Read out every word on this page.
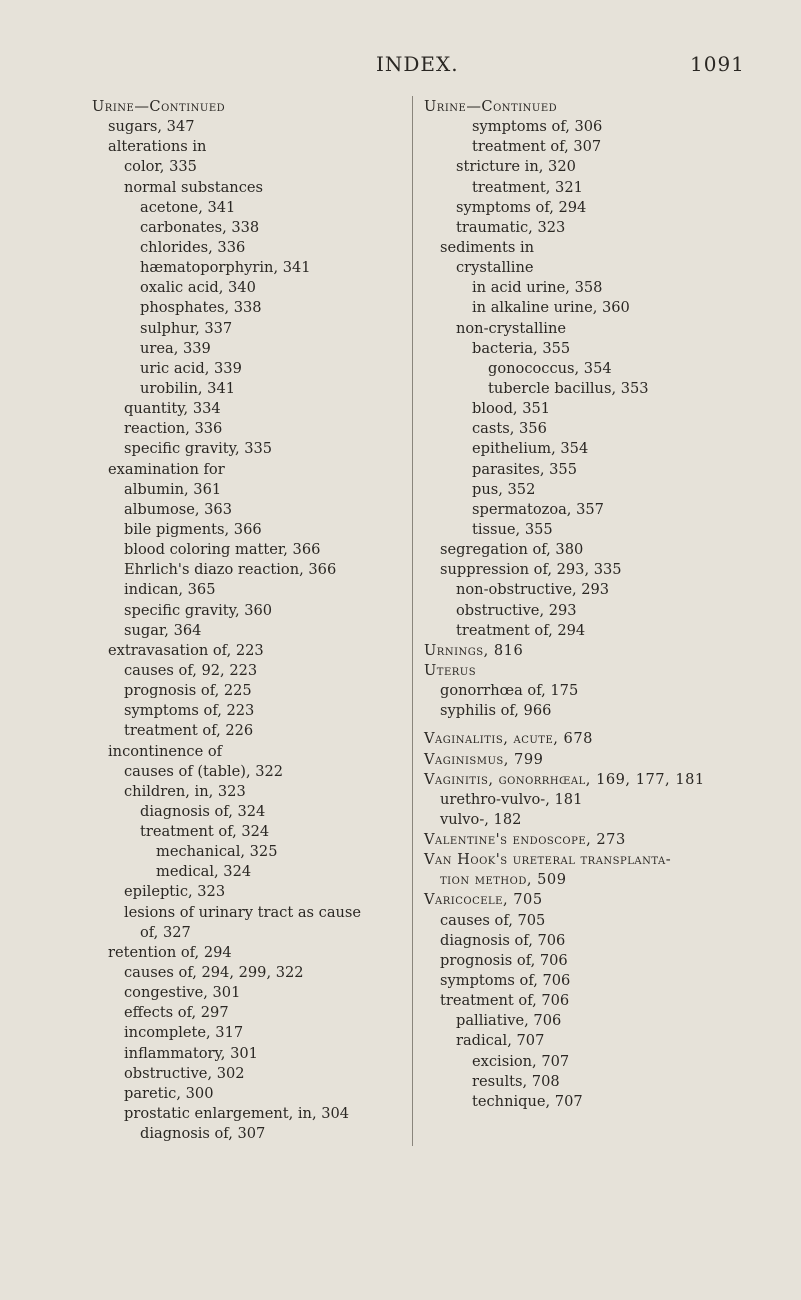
INDEX.	1091
Urine—Continued
sugars, 347
alterations in
color, 335
normal substances
acetone, 341
carbonates, 338
chlorides, 336
hæmatoporphyrin, 341
oxalic acid, 340
phosphates, 338
sulphur, 337
urea, 339
uric acid, 339
urobilin, 341
quantity, 334
reaction, 336
specific gravity, 335
examination for
albumin, 361
albumose, 363
bile pigments, 366
blood coloring matter, 366
Ehrlich's diazo reaction, 366
indican, 365
specific gravity, 360
sugar, 364
extravasation of, 223
causes of, 92, 223
prognosis of, 225
symptoms of, 223
treatment of, 226
incontinence of
causes of (table), 322
children, in, 323
diagnosis of, 324
treatment of, 324
mechanical, 325
medical, 324
epileptic, 323
lesions of urinary tract as cause
of, 327
retention of, 294
causes of, 294, 299, 322
congestive, 301
effects of, 297
incomplete, 317
inflammatory, 301
obstructive, 302
paretic, 300
prostatic enlargement, in, 304
diagnosis of, 307
Urine—Continued
symptoms of, 306
treatment of, 307
stricture in, 320
treatment, 321
symptoms of, 294
traumatic, 323
sediments in
crystalline
in acid urine, 358
in alkaline urine, 360
non-crystalline
bacteria, 355
gonococcus, 354
tubercle bacillus, 353
blood, 351
casts, 356
epithelium, 354
parasites, 355
pus, 352
spermatozoa, 357
tissue, 355
segregation of, 380
suppression of, 293, 335
non-obstructive, 293
obstructive, 293
treatment of, 294
Urnings, 816
Uterus
gonorrhœa of, 175
syphilis of, 966
Vaginalitis, acute, 678
Vaginismus, 799
Vaginitis, gonorrhœal, 169, 177, 181
urethro-vulvo-, 181
vulvo-, 182
Valentine's endoscope, 273
Van Hook's ureteral transplanta-
tion method, 509
Varicocele, 705
causes of, 705
diagnosis of, 706
prognosis of, 706
symptoms of, 706
treatment of, 706
palliative, 706
radical, 707
excision, 707
results, 708
technique, 707
